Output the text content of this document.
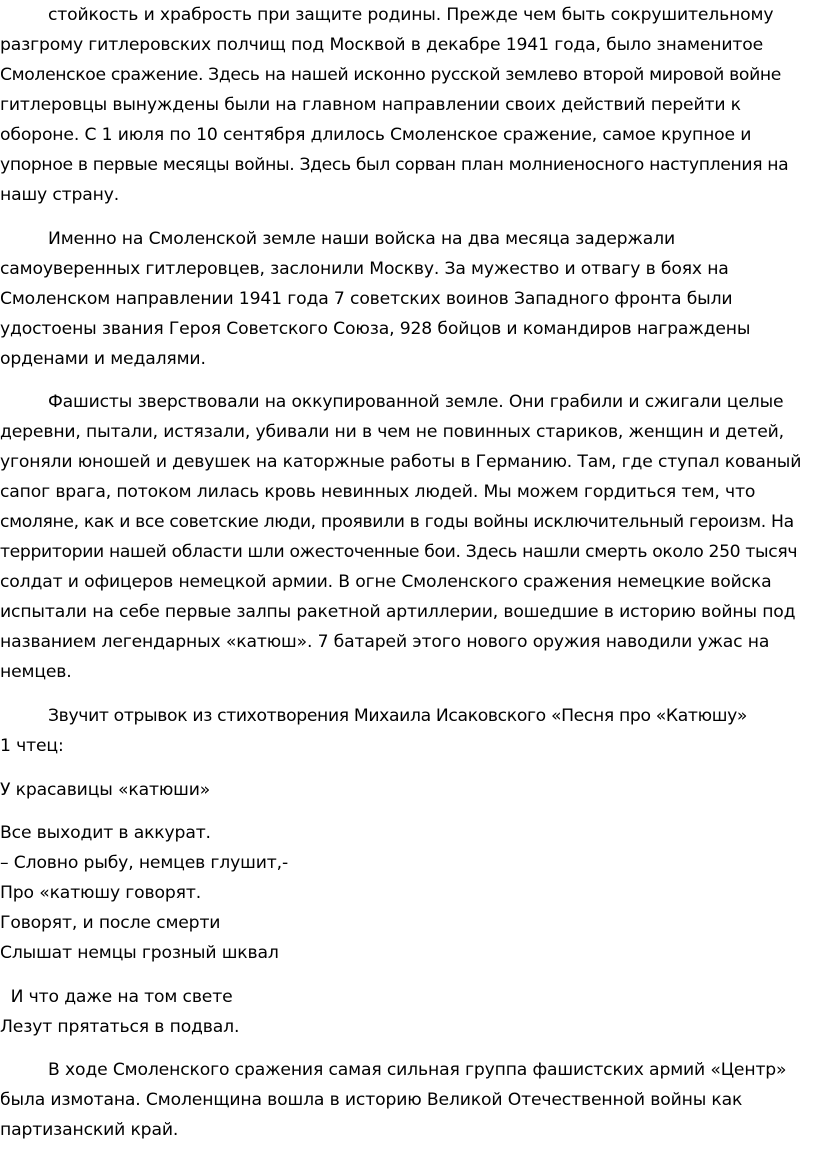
стойкость и храбрость при защите родины. Прежде чем быть сокрушительному
разгрому гитлеровских полчищ под Москвой в декабре 1941 года, было знаменитое
Смоленское сражение. Здесь на нашей исконно русской землево второй мировой войне
гитлеровцы вынуждены были на главном направлении своих действий перейти к
обороне. С 1 июля по 10 сентября длилось Смоленское сражение, самое крупное и
упорное в первые месяцы войны. Здесь был сорван план молниеносного наступления на
нашу страну.
Именно на Смоленской земле наши войска на два месяца задержали
самоуверенных гитлеровцев, заслонили Москву. За мужество и отвагу в боях на
Смоленском направлении 1941 года 7 советских воинов Западного фронта были
удостоены звания Героя Советского Союза, 928 бойцов и командиров награждены
орденами и медалями.
Фашисты зверствовали на оккупированной земле. Они грабили и сжигали целые
деревни, пытали, истязали, убивали ни в чем не повинных стариков, женщин и детей,
угоняли юношей и девушек на каторжные работы в Германию. Там, где ступал кованый
сапог врага, потоком лилась кровь невинных людей. Мы можем гордиться тем, что
смоляне, как и все советские люди, проявили в годы войны исключительный героизм. На
территории нашей области шли ожесточенные бои. Здесь нашли смерть около 250 тысяч
солдат и офицеров немецкой армии. В огне Смоленского сражения немецкие войска
испытали на себе первые залпы ракетной артиллерии, вошедшие в историю войны под
названием легендарных «катюш». 7 батарей этого нового оружия наводили ужас на
немцев.
Звучит отрывок из стихотворения Михаила Исаковского «Песня про «Катюшу»
1 чтец:
У красавицы «катюши»
Все выходит в аккурат.
– Словно рыбу, немцев глушит,-
Про «катюшу говорят.
Говорят, и после смерти
Слышат немцы грозный шквал
И что даже на том свете
Лезут прятаться в подвал.
В ходе Смоленского сражения самая сильная группа фашистских армий «Центр»
была измотана. Смоленщина вошла в историю Великой Отечественной войны как
партизанский край.
